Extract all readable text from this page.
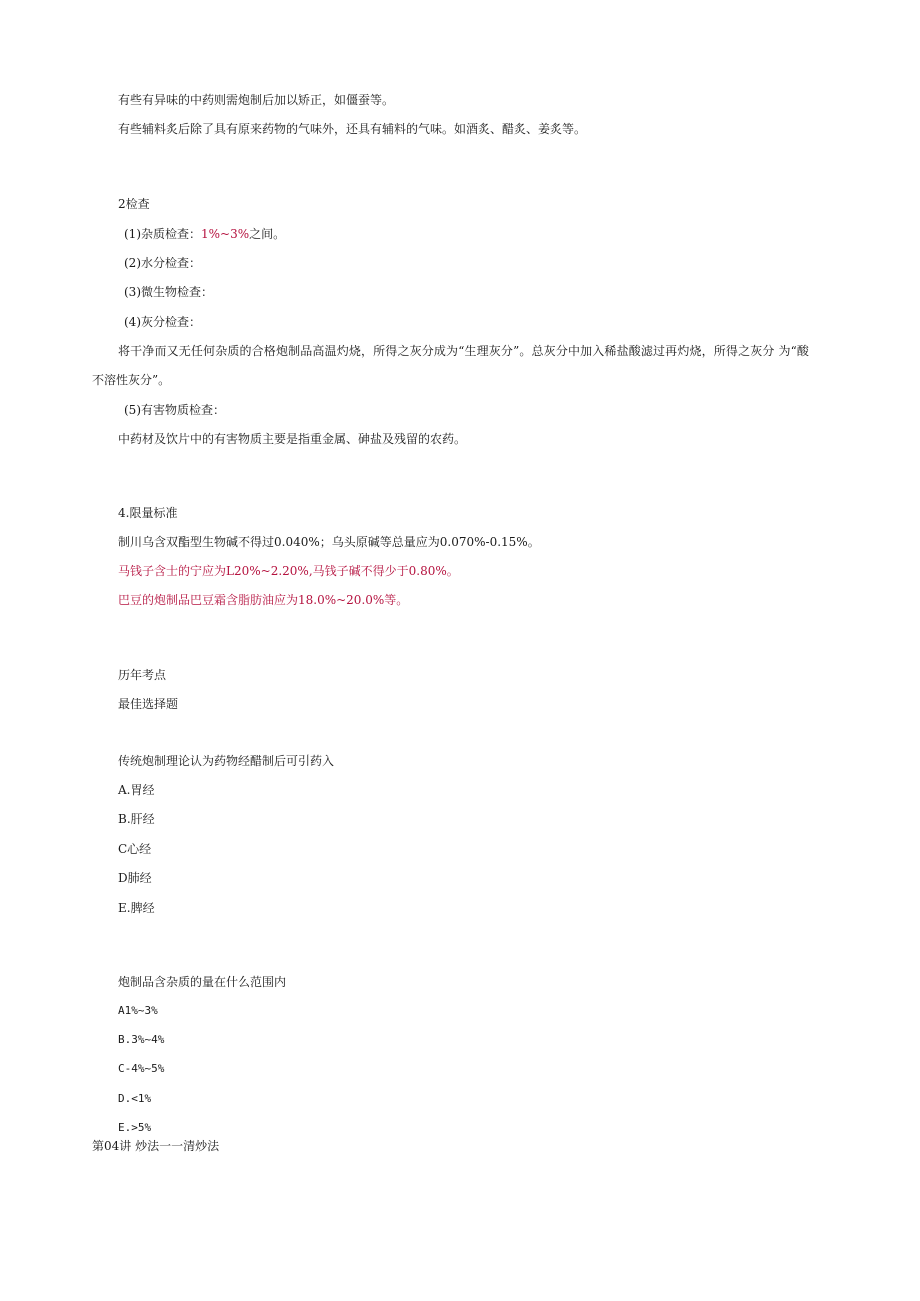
有些有异味的中药则需炮制后加以矫正，如僵蚕等。
有些辅料炙后除了具有原来药物的气味外，还具有辅料的气味。如酒炙、醋炙、姜炙等。
2检查
(1)杂质检查：1%~3%之间。
(2)水分检查：
(3)微生物检查：
(4)灰分检查：
将干净而又无任何杂质的合格炮制品高温灼烧，所得之灰分成为“生理灰分”。总灰分中加入稀盐酸滤过再灼烧，所得之灰分 为“酸
不溶性灰分”。
(5)有害物质检查：
中药材及饮片中的有害物质主要是指重金属、砷盐及残留的农药。
4.限量标准
制川乌含双酯型生物碱不得过0.040%；乌头原碱等总量应为0.070%-0.15%。
马钱子含士的宁应为L20%~2.20%,马钱子碱不得少于0.80%。
巴豆的炮制品巴豆霜含脂肪油应为18.0%~20.0%等。
历年考点
最佳选择题
传统炮制理论认为药物经醋制后可引药入
A.胃经
B.肝经
C心经
D肺经
E.脾经
炮制品含杂质的量在什么范围内
A1%~3%
B.3%~4%
C-4%~5%
D.<1%
E.>5%
第04讲 炒法一一清炒法
